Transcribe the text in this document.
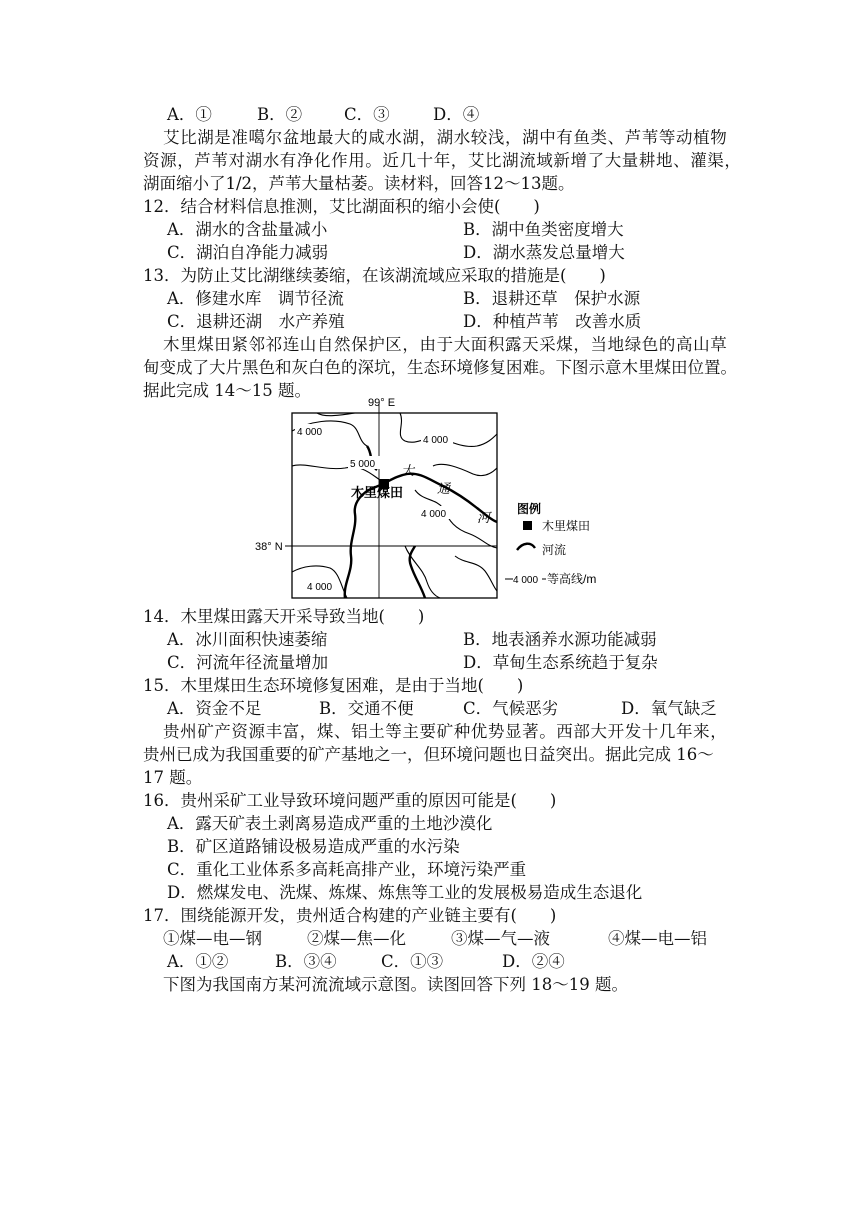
A．①	B．②	C．③	D．④
艾比湖是准噶尔盆地最大的咸水湖，湖水较浅，湖中有鱼类、芦苇等动植物
资源，芦苇对湖水有净化作用。近几十年，艾比湖流域新增了大量耕地、灌渠，
湖面缩小了1/2，芦苇大量枯萎。读材料，回答12～13题。
12．结合材料信息推测，艾比湖面积的缩小会使(　　)
A．湖水的含盐量减小	B．湖中鱼类密度增大
C．湖泊自净能力减弱	D．湖水蒸发总量增大
13．为防止艾比湖继续萎缩，在该湖流域应采取的措施是(　　)
A．修建水库　调节径流	B．退耕还草　保护水源
C．退耕还湖　水产养殖	D．种植芦苇　改善水质
木里煤田紧邻祁连山自然保护区，由于大面积露天采煤，当地绿色的高山草
甸变成了大片黑色和灰白色的深坑，生态环境修复困难。下图示意木里煤田位置。
据此完成 14～15 题。
99° E
38° N
4 000
4 000
5 000
4 000
4 000
木里煤田
大
通
河
图例
木里煤田
河流
4 000 等高线/m
14．木里煤田露天开采导致当地(　　)
A．冰川面积快速萎缩	B．地表涵养水源功能减弱
C．河流年径流量增加	D．草甸生态系统趋于复杂
15．木里煤田生态环境修复困难，是由于当地(　　)
A．资金不足	B．交通不便	C．气候恶劣	D．氧气缺乏
贵州矿产资源丰富，煤、铝土等主要矿种优势显著。西部大开发十几年来，
贵州已成为我国重要的矿产基地之一，但环境问题也日益突出。据此完成 16～
17 题。
16．贵州采矿工业导致环境问题严重的原因可能是(　　)
A．露天矿表土剥离易造成严重的土地沙漠化
B．矿区道路铺设极易造成严重的水污染
C．重化工业体系多高耗高排产业，环境污染严重
D．燃煤发电、洗煤、炼煤、炼焦等工业的发展极易造成生态退化
17．围绕能源开发，贵州适合构建的产业链主要有(　　)
①煤—电—钢	②煤—焦—化	③煤—气—液	④煤—电—铝
A．①②	B．③④	C．①③	D．②④
下图为我国南方某河流流域示意图。读图回答下列 18～19 题。
